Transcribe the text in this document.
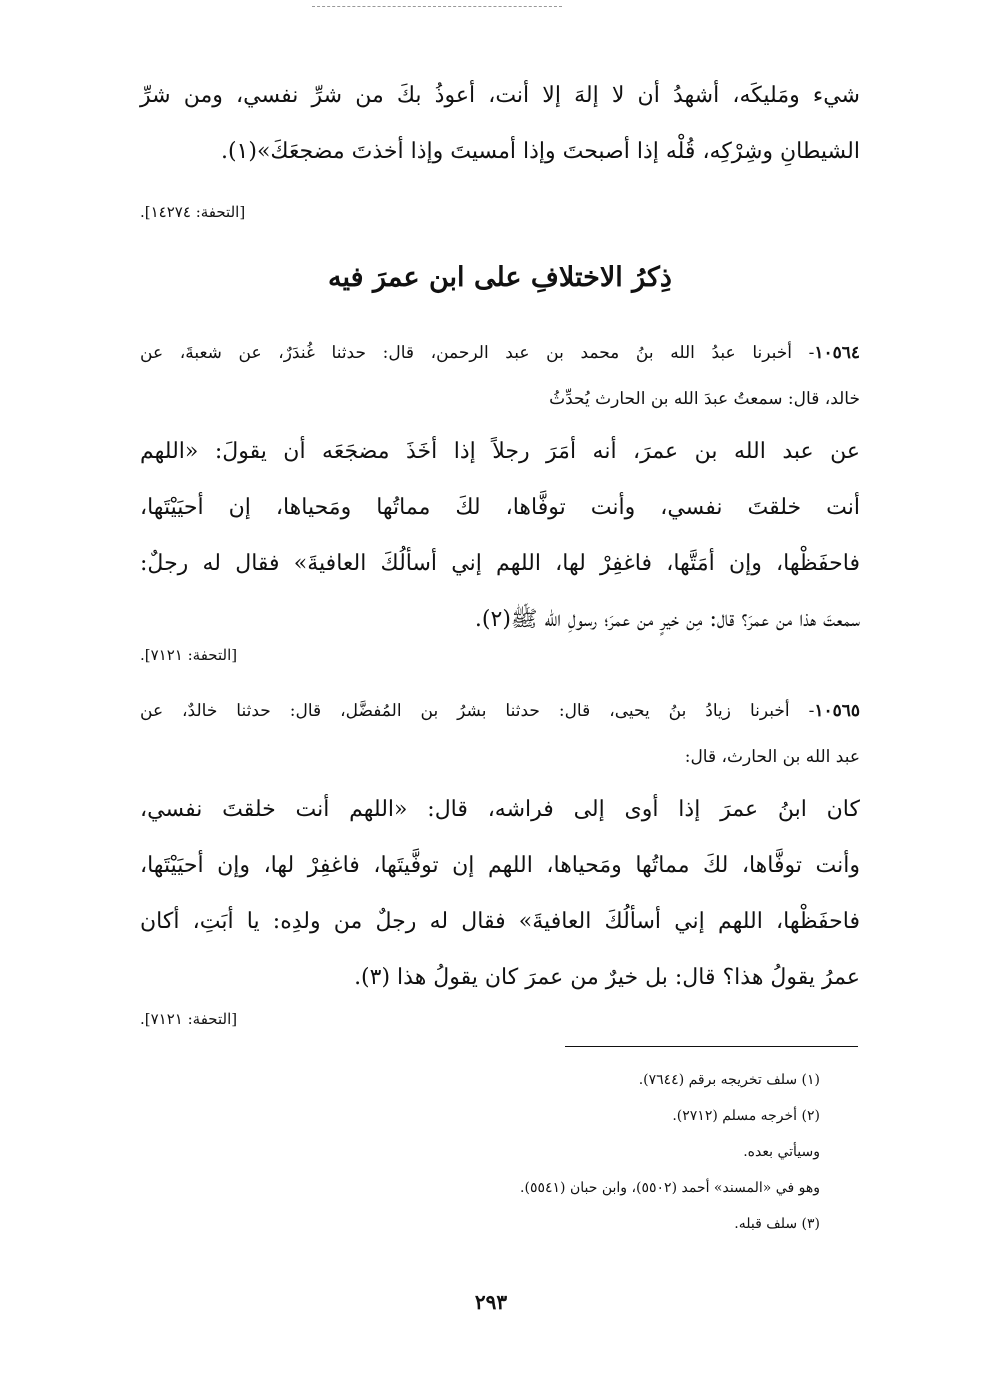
شيء ومَليكَه، أشهدُ أن لا إلهَ إلا أنت، أعوذُ بكَ من شرِّ نفسي، ومن شرِّ
الشيطانِ وشِرْكِه، قُلْه إذا أصبحتَ وإذا أمسيتَ وإذا أخذتَ مضجعَكَ»(١).
[التحفة: ١٤٢٧٤].
ذِكرُ الاختلافِ على ابن عمرَ فيه
١٠٥٦٤- أخبرنا عبدُ الله بنُ محمد بن عبد الرحمن، قال: حدثنا غُندَرٌ، عن شعبةَ، عن
خالد، قال: سمعتُ عبدَ الله بن الحارث يُحدِّثُ
عن عبد الله بن عمرَ، أنه أمَرَ رجلاً إذا أخَذَ مضجَعَه أن يقولَ: «اللهم
أنت خلقتَ نفسي، وأنت توفَّاها، لكَ مماتُها ومَحياها، إن أحيَيْتَها،
فاحفَظْها، وإن أمَتَّها، فاغفِرْ لها، اللهم إني أسألُكَ العافيةَ» فقال له رجلٌ:
سمعتَ هذا من عمرَ؟ قال: مِن خيرٍ من عمرَ؛ رسولِ الله ﷺ(٢).
[التحفة: ٧١٢١].
١٠٥٦٥- أخبرنا زيادُ بنُ يحيى، قال: حدثنا بشرُ بن المُفضَّل، قال: حدثنا خالدٌ، عن
عبد الله بن الحارث، قال:
كان ابنُ عمرَ إذا أوى إلى فراشه، قال: «اللهم أنت خلقتَ نفسي،
وأنت توفَّاها، لكَ مماتُها ومَحياها، اللهم إن توفَّيتَها، فاغفِرْ لها، وإن أحيَيْتَها،
فاحفَظْها، اللهم إني أسألُكَ العافيةَ» فقال له رجلٌ من ولدِه: يا أبَتِ، أكان
عمرُ يقولُ هذا؟ قال: بل خيرٌ من عمرَ كان يقولُ هذا (٣).
[التحفة: ٧١٢١].
(١) سلف تخريجه برقم (٧٦٤٤).
(٢) أخرجه مسلم (٢٧١٢).
وسيأتي بعده.
وهو في «المسند» أحمد (٥٥٠٢)، وابن حبان (٥٥٤١).
(٣) سلف قبله.
٢٩٣
